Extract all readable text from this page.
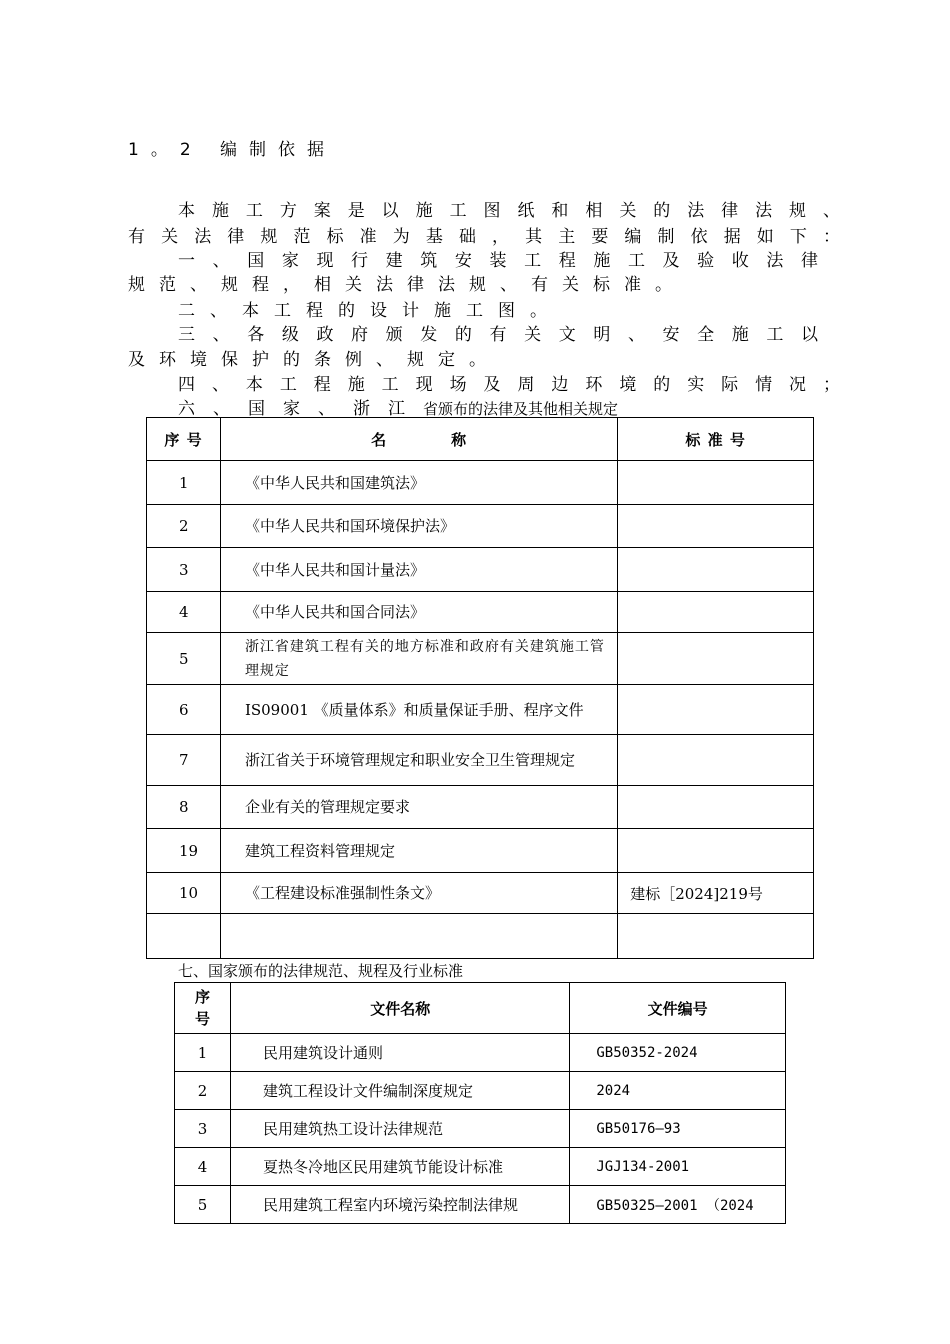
1。2 编制依据
本施工方案是以施工图纸和相关的法律法规、
有关法律规范标准为基础，其主要编制依据如下：
一、国家现行建筑安装工程施工及验收法律
规范、规程，相关法律法规、有关标准。
二、本工程的设计施工图。
三、各级政府颁发的有关文明、安全施工以
及环境保护的条例、规定。
四、本工程施工现场及周边环境的实际情况；
六、国家、浙江省颁布的法律及其他相关规定
序 号	名　　　　称	标 准 号
1	《中华人民共和国建筑法》	
2	《中华人民共和国环境保护法》	
3	《中华人民共和国计量法》	
4	《中华人民共和国合同法》	
5	浙江省建筑工程有关的地方标准和政府有关建筑施工管理规定	
6	IS09001 《质量体系》和质量保证手册、程序文件	
7	浙江省关于环境管理规定和职业安全卫生管理规定	
8	企业有关的管理规定要求	
19	建筑工程资料管理规定	
10	《工程建设标准强制性条文》	建标［2024]219号

七、国家颁布的法律规范、规程及行业标准
序号	文件名称	文件编号
1	民用建筑设计通则	GB50352-2024
2	建筑工程设计文件编制深度规定	2024
3	民用建筑热工设计法律规范	GB50176—93
4	夏热冬冷地区民用建筑节能设计标准	JGJ134-2001
5	民用建筑工程室内环境污染控制法律规	GB50325—2001 （2024
